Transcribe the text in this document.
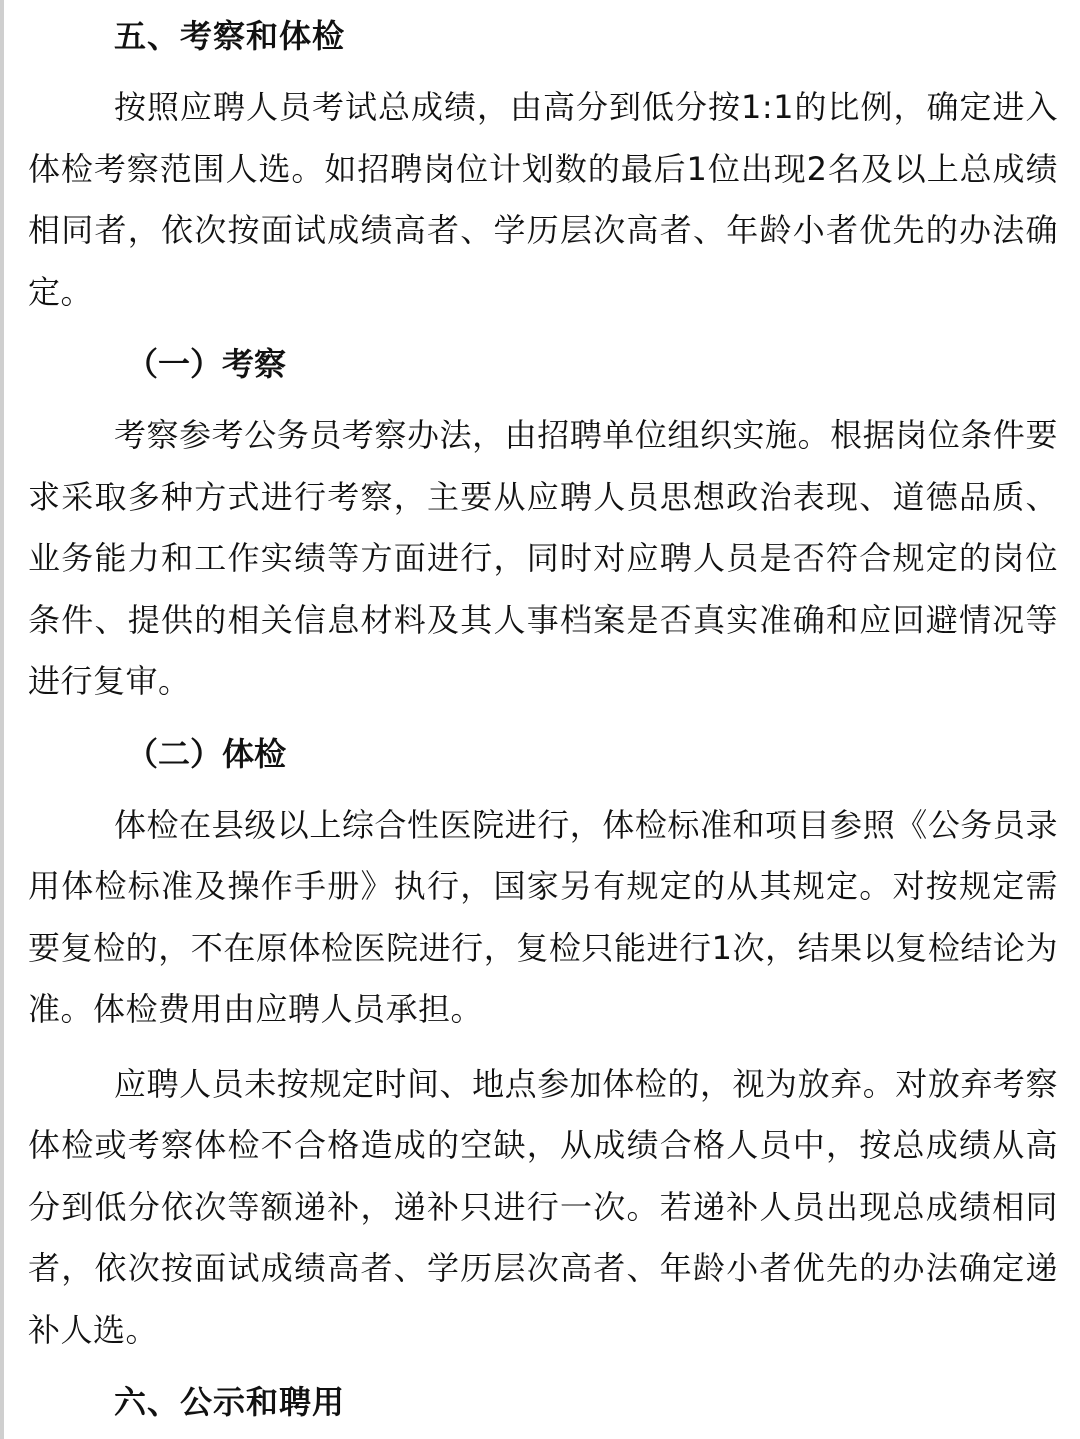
五、考察和体检

按照应聘人员考试总成绩，由高分到低分按1:1的比例，确定进入体检考察范围人选。如招聘岗位计划数的最后1位出现2名及以上总成绩相同者，依次按面试成绩高者、学历层次高者、年龄小者优先的办法确定。

（一）考察

考察参考公务员考察办法，由招聘单位组织实施。根据岗位条件要求采取多种方式进行考察，主要从应聘人员思想政治表现、道德品质、业务能力和工作实绩等方面进行，同时对应聘人员是否符合规定的岗位条件、提供的相关信息材料及其人事档案是否真实准确和应回避情况等进行复审。

（二）体检

体检在县级以上综合性医院进行，体检标准和项目参照《公务员录用体检标准及操作手册》执行，国家另有规定的从其规定。对按规定需要复检的，不在原体检医院进行，复检只能进行1次，结果以复检结论为准。体检费用由应聘人员承担。

应聘人员未按规定时间、地点参加体检的，视为放弃。对放弃考察体检或考察体检不合格造成的空缺，从成绩合格人员中，按总成绩从高分到低分依次等额递补，递补只进行一次。若递补人员出现总成绩相同者，依次按面试成绩高者、学历层次高者、年龄小者优先的办法确定递补人选。

六、公示和聘用
